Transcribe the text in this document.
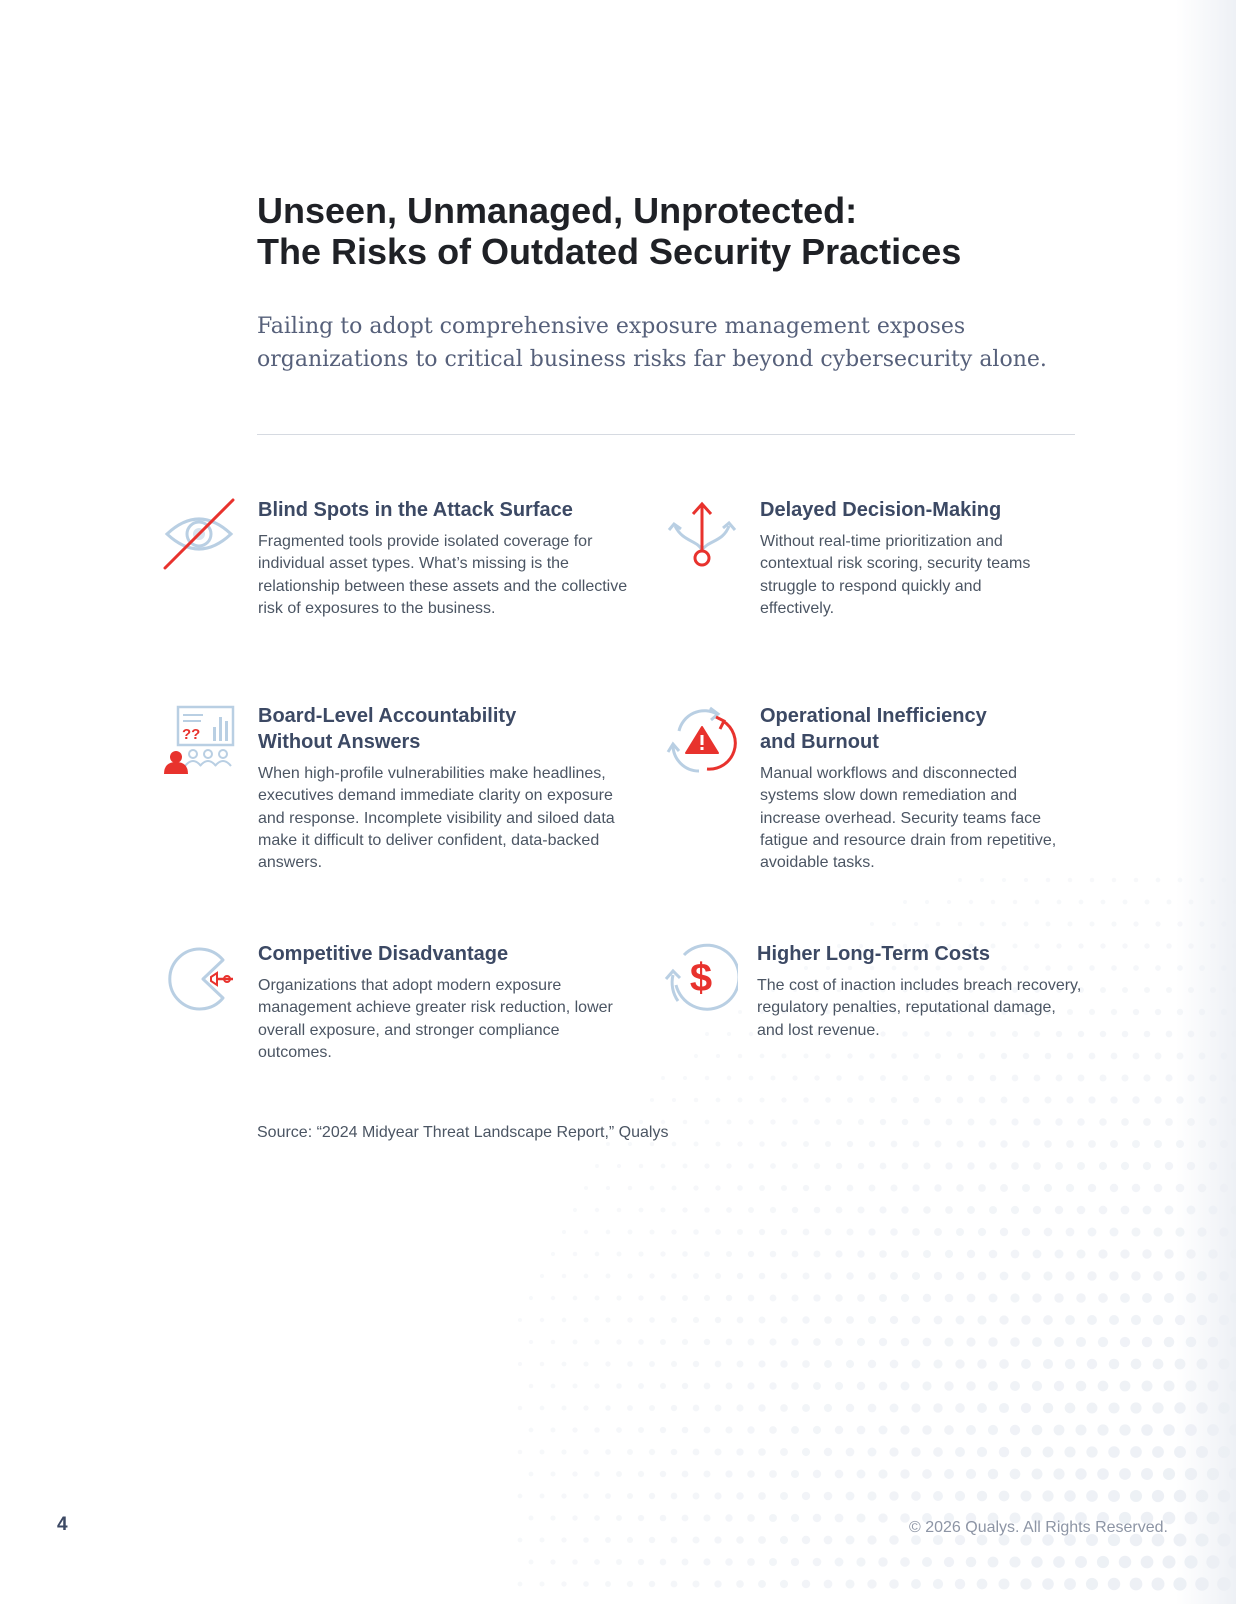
Unseen, Unmanaged, Unprotected:
The Risks of Outdated Security Practices

Failing to adopt comprehensive exposure management exposes organizations to critical business risks far beyond cybersecurity alone.

??
$
Blind Spots in the Attack Surface

Fragmented tools provide isolated coverage for individual asset types. What’s missing is the relationship between these assets and the collective risk of exposures to the business.

Delayed Decision-Making

Without real-time prioritization and contextual risk scoring, security teams struggle to respond quickly and effectively.

Board-Level Accountability
Without Answers

When high-profile vulnerabilities make headlines, executives demand immediate clarity on exposure and response. Incomplete visibility and siloed data make it difficult to deliver confident, data-backed answers.

Operational Inefficiency
and Burnout

Manual workflows and disconnected systems slow down remediation and increase overhead. Security teams face fatigue and resource drain from repetitive, avoidable tasks.

Competitive Disadvantage

Organizations that adopt modern exposure management achieve greater risk reduction, lower overall exposure, and stronger compliance outcomes.

Higher Long-Term Costs

The cost of inaction includes breach recovery, regulatory penalties, reputational damage, and lost revenue.

Source: “2024 Midyear Threat Landscape Report,” Qualys

4	© 2026 Qualys. All Rights Reserved.
